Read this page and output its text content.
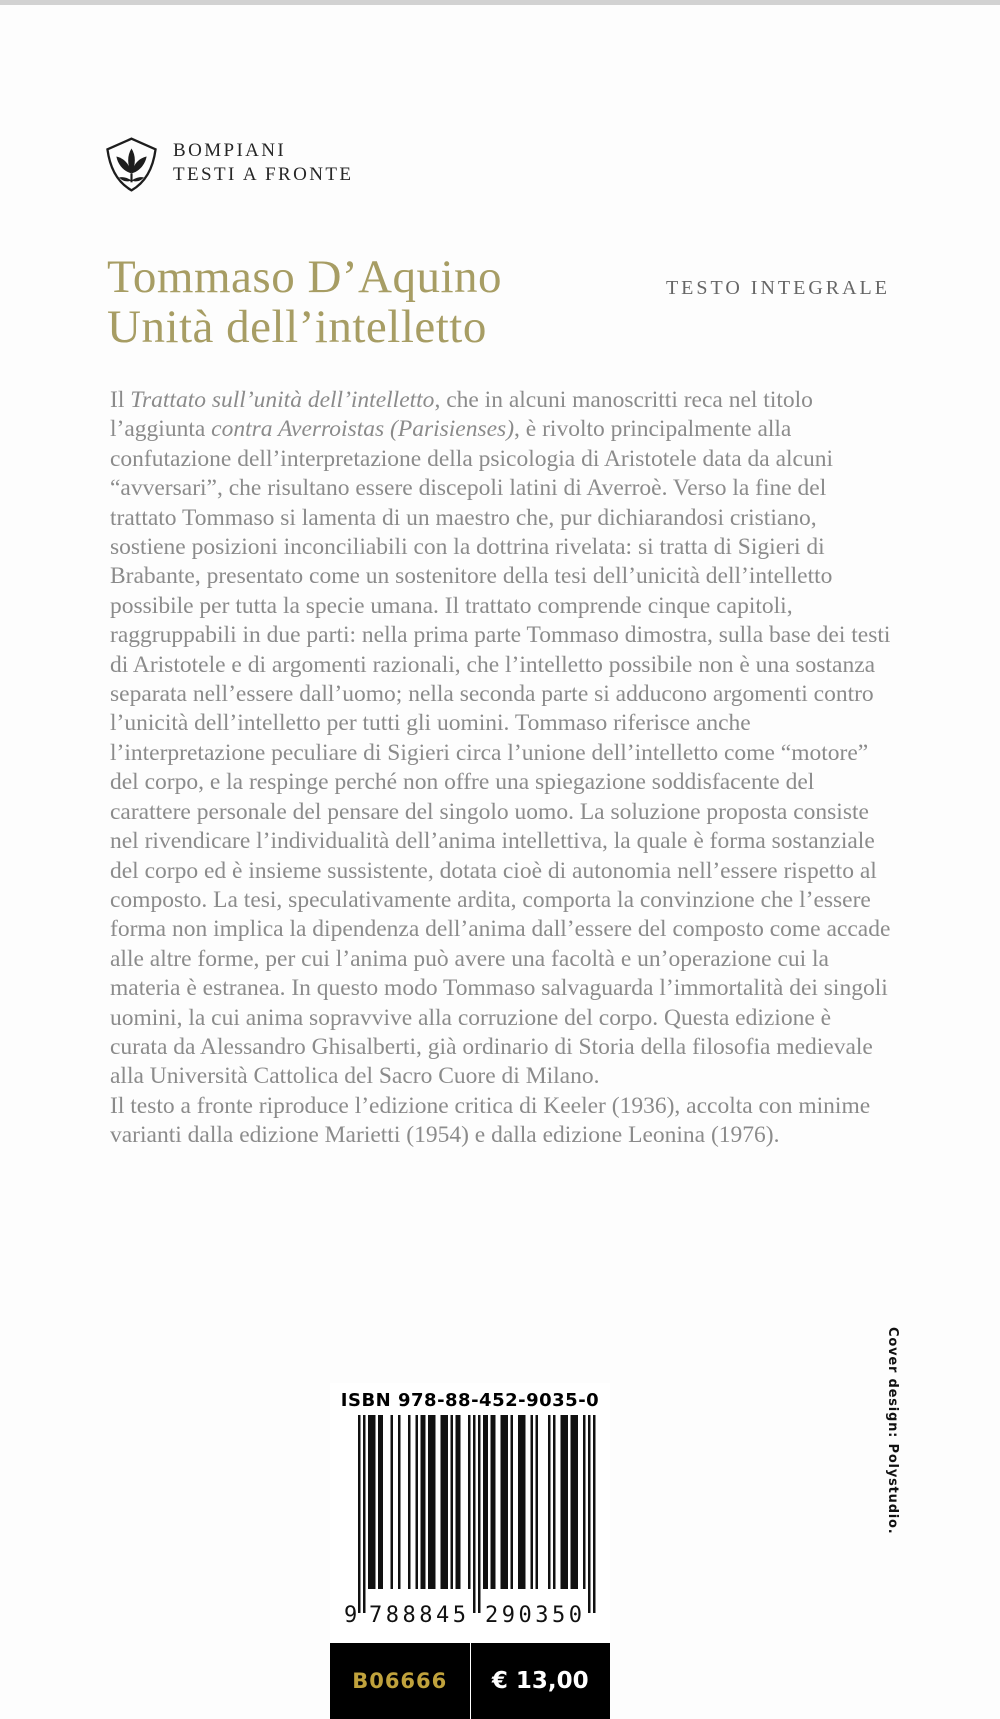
BOMPIANI
TESTI A FRONTE
TESTO INTEGRALE
Tommaso D’Aquino
Unità dell’intelletto

Il Trattato sull’unità dell’intelletto, che in alcuni manoscritti reca nel titolo l’aggiunta contra Averroistas (Parisienses), è rivolto principalmente alla confutazione dell’interpretazione della psicologia di Aristotele data da alcuni “avversari”, che risultano essere discepoli latini di Averroè. Verso la fine del trattato Tommaso si lamenta di un maestro che, pur dichiarandosi cristiano, sostiene posizioni inconciliabili con la dottrina rivelata: si tratta di Sigieri di Brabante, presentato come un sostenitore della tesi dell’unicità dell’intelletto possibile per tutta la specie umana. Il trattato comprende cinque capitoli, raggruppabili in due parti: nella prima parte Tommaso dimostra, sulla base dei testi di Aristotele e di argomenti razionali, che l’intelletto possibile non è una sostanza separata nell’essere dall’uomo; nella seconda parte si adducono argomenti contro l’unicità dell’intelletto per tutti gli uomini. Tommaso riferisce anche l’interpretazione peculiare di Sigieri circa l’unione dell’intelletto come “motore” del corpo, e la respinge perché non offre una spiegazione soddisfacente del carattere personale del pensare del singolo uomo. La soluzione proposta consiste nel rivendicare l’individualità dell’anima intellettiva, la quale è forma sostanziale del corpo ed è insieme sussistente, dotata cioè di autonomia nell’essere rispetto al composto. La tesi, speculativamente ardita, comporta la convinzione che l’essere forma non implica la dipendenza dell’anima dall’essere del composto come accade alle altre forme, per cui l’anima può avere una facoltà e un’operazione cui la materia è estranea. In questo modo Tommaso salvaguarda l’immortalità dei singoli uomini, la cui anima sopravvive alla corruzione del corpo. Questa edizione è curata da Alessandro Ghisalberti, già ordinario di Storia della filosofia medievale alla Università Cattolica del Sacro Cuore di Milano.

Il testo a fronte riproduce l’edizione critica di Keeler (1936), accolta con minime varianti dalla edizione Marietti (1954) e dalla edizione Leonina (1976).

Cover design: Polystudio.
ISBN 978-88-452-9035-0
9 788845 290350
B06666	€ 13,00
